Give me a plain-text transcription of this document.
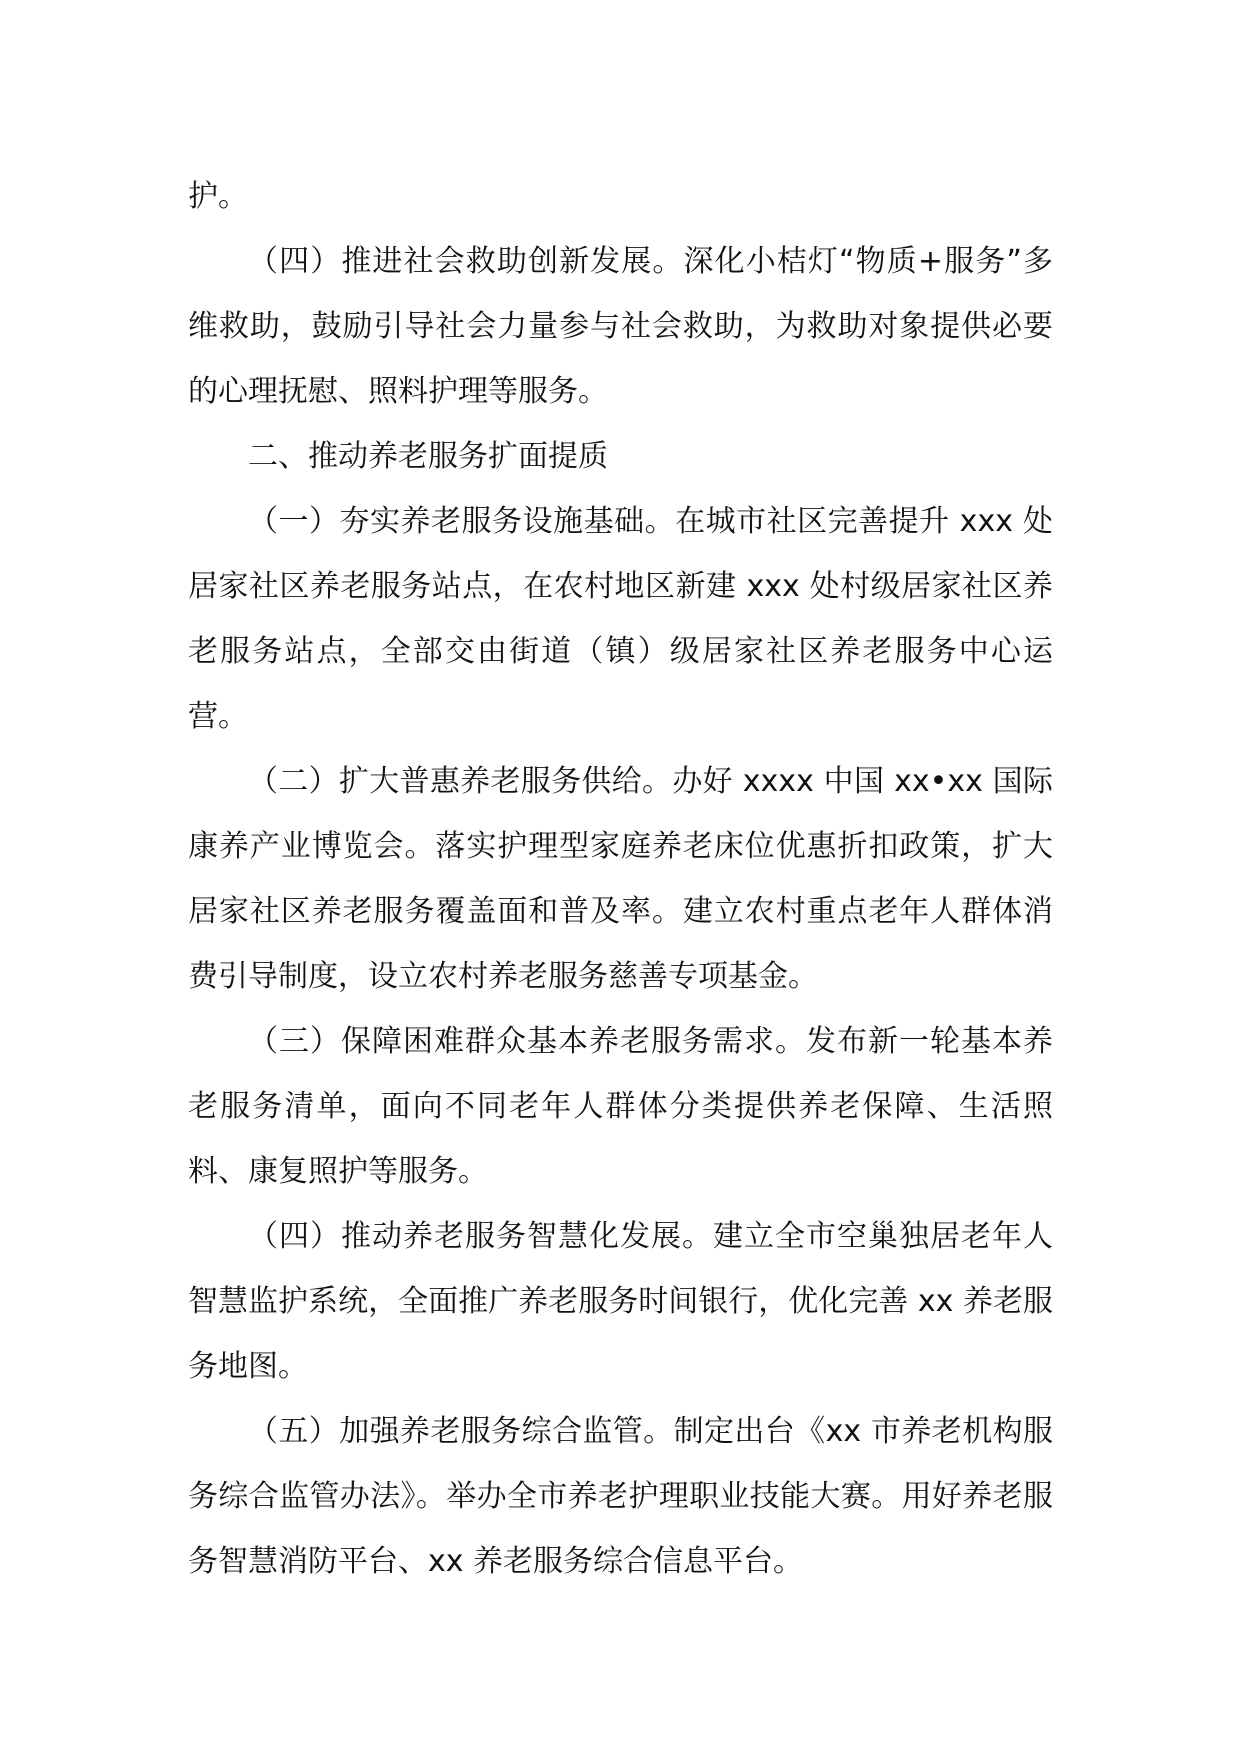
护。

（四）推进社会救助创新发展。深化小桔灯“物质+服务”多维救助，鼓励引导社会力量参与社会救助，为救助对象提供必要的心理抚慰、照料护理等服务。

二、推动养老服务扩面提质

（一）夯实养老服务设施基础。在城市社区完善提升 xxx 处居家社区养老服务站点，在农村地区新建 xxx 处村级居家社区养老服务站点，全部交由街道（镇）级居家社区养老服务中心运营。

（二）扩大普惠养老服务供给。办好 xxxx 中国 xx•xx 国际康养产业博览会。落实护理型家庭养老床位优惠折扣政策，扩大居家社区养老服务覆盖面和普及率。建立农村重点老年人群体消费引导制度，设立农村养老服务慈善专项基金。

（三）保障困难群众基本养老服务需求。发布新一轮基本养老服务清单，面向不同老年人群体分类提供养老保障、生活照料、康复照护等服务。

（四）推动养老服务智慧化发展。建立全市空巢独居老年人智慧监护系统，全面推广养老服务时间银行，优化完善 xx 养老服务地图。

（五）加强养老服务综合监管。制定出台《xx 市养老机构服务综合监管办法》。举办全市养老护理职业技能大赛。用好养老服务智慧消防平台、xx 养老服务综合信息平台。
